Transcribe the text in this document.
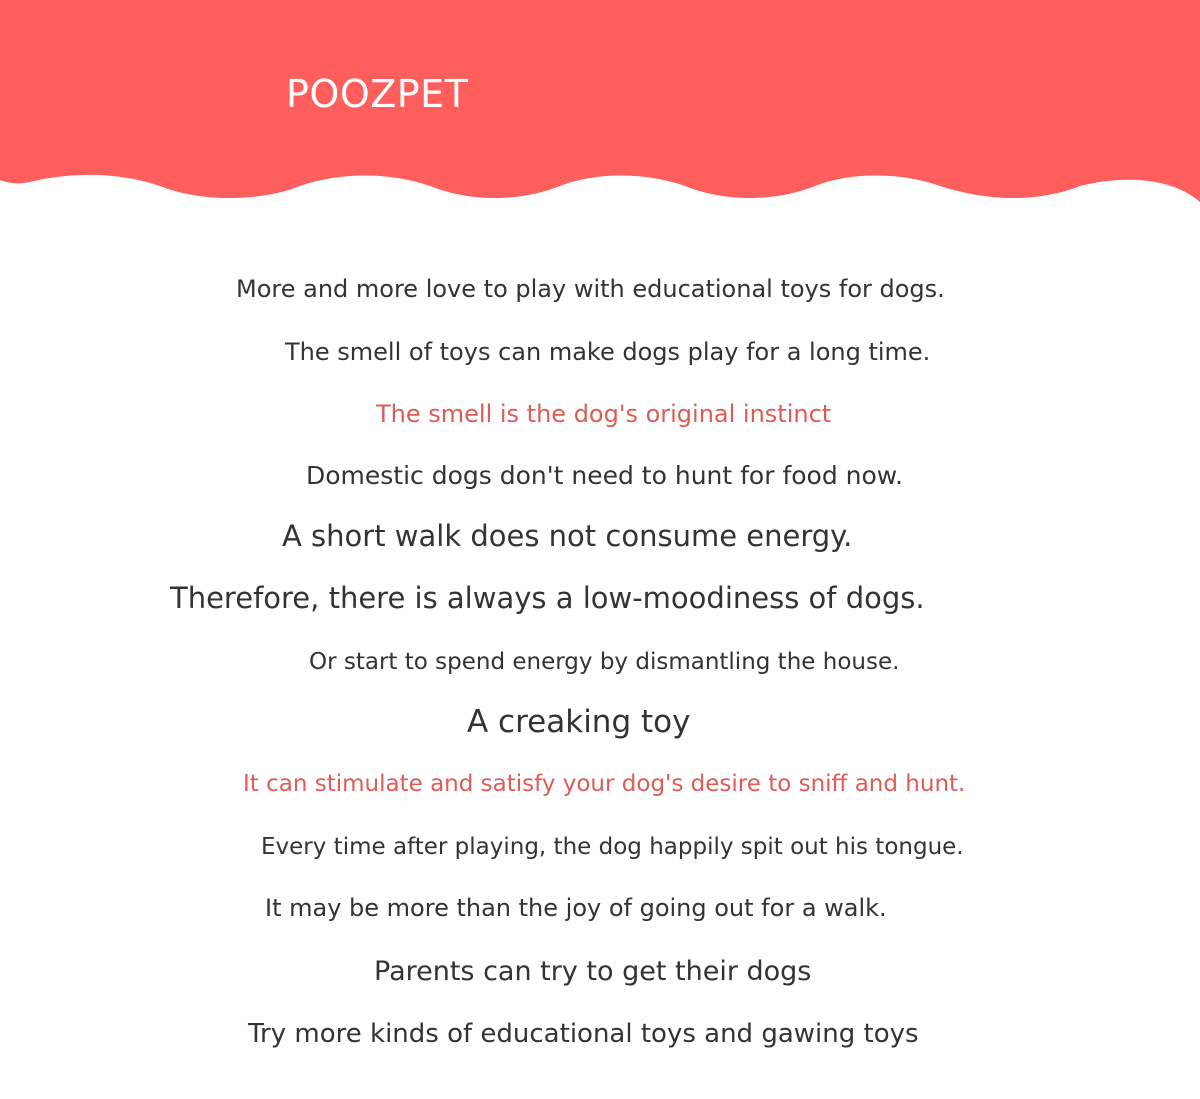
POOZPET
More and more love to play with educational toys for dogs.
The smell of toys can make dogs play for a long time.
The smell is the dog's original instinct
Domestic dogs don't need to hunt for food now.
A short walk does not consume energy.
Therefore, there is always a low-moodiness of dogs.
Or start to spend energy by dismantling the house.
A creaking toy
It can stimulate and satisfy your dog's desire to sniff and hunt.
Every time after playing, the dog happily spit out his tongue.
It may be more than the joy of going out for a walk.
Parents can try to get their dogs
Try more kinds of educational toys and gawing toys
